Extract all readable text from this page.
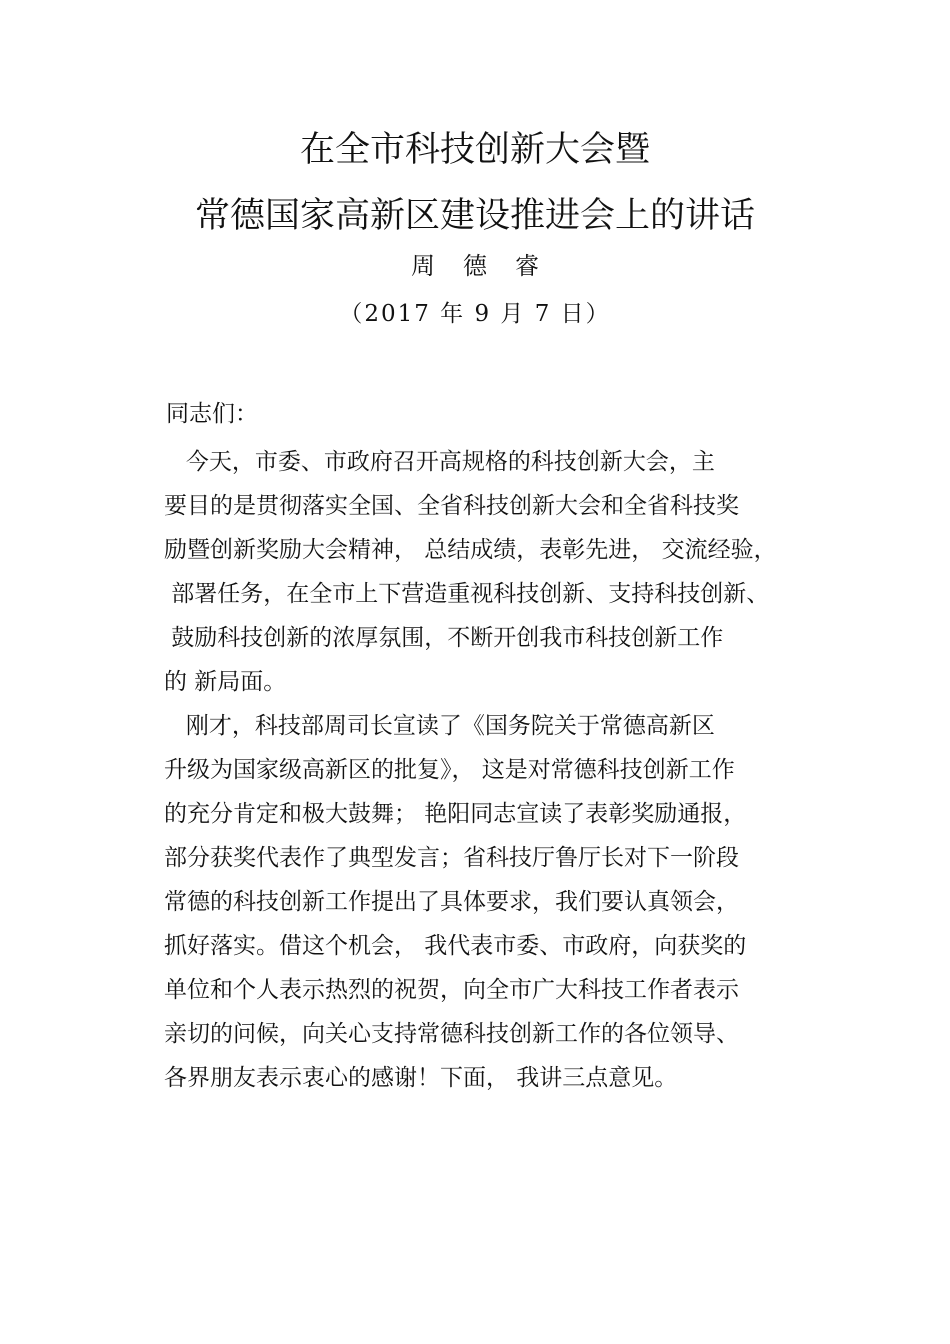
在全市科技创新大会暨
常德国家高新区建设推进会上的讲话
周德睿
（2017 年 9 月 7 日）
同志们：
今天，市委、市政府召开高规格的科技创新大会，主
要目的是贯彻落实全国、全省科技创新大会和全省科技奖
励暨创新奖励大会精神， 总结成绩，表彰先进， 交流经验，
部署任务，在全市上下营造重视科技创新、支持科技创新、
鼓励科技创新的浓厚氛围，不断开创我市科技创新工作
的 新局面。
刚才，科技部周司长宣读了《国务院关于常德高新区
升级为国家级高新区的批复》， 这是对常德科技创新工作
的充分肯定和极大鼓舞； 艳阳同志宣读了表彰奖励通报，
部分获奖代表作了典型发言；省科技厅鲁厅长对下一阶段
常德的科技创新工作提出了具体要求，我们要认真领会，
抓好落实。借这个机会， 我代表市委、市政府，向获奖的
单位和个人表示热烈的祝贺，向全市广大科技工作者表示
亲切的问候，向关心支持常德科技创新工作的各位领导、
各界朋友表示衷心的感谢！下面， 我讲三点意见。
